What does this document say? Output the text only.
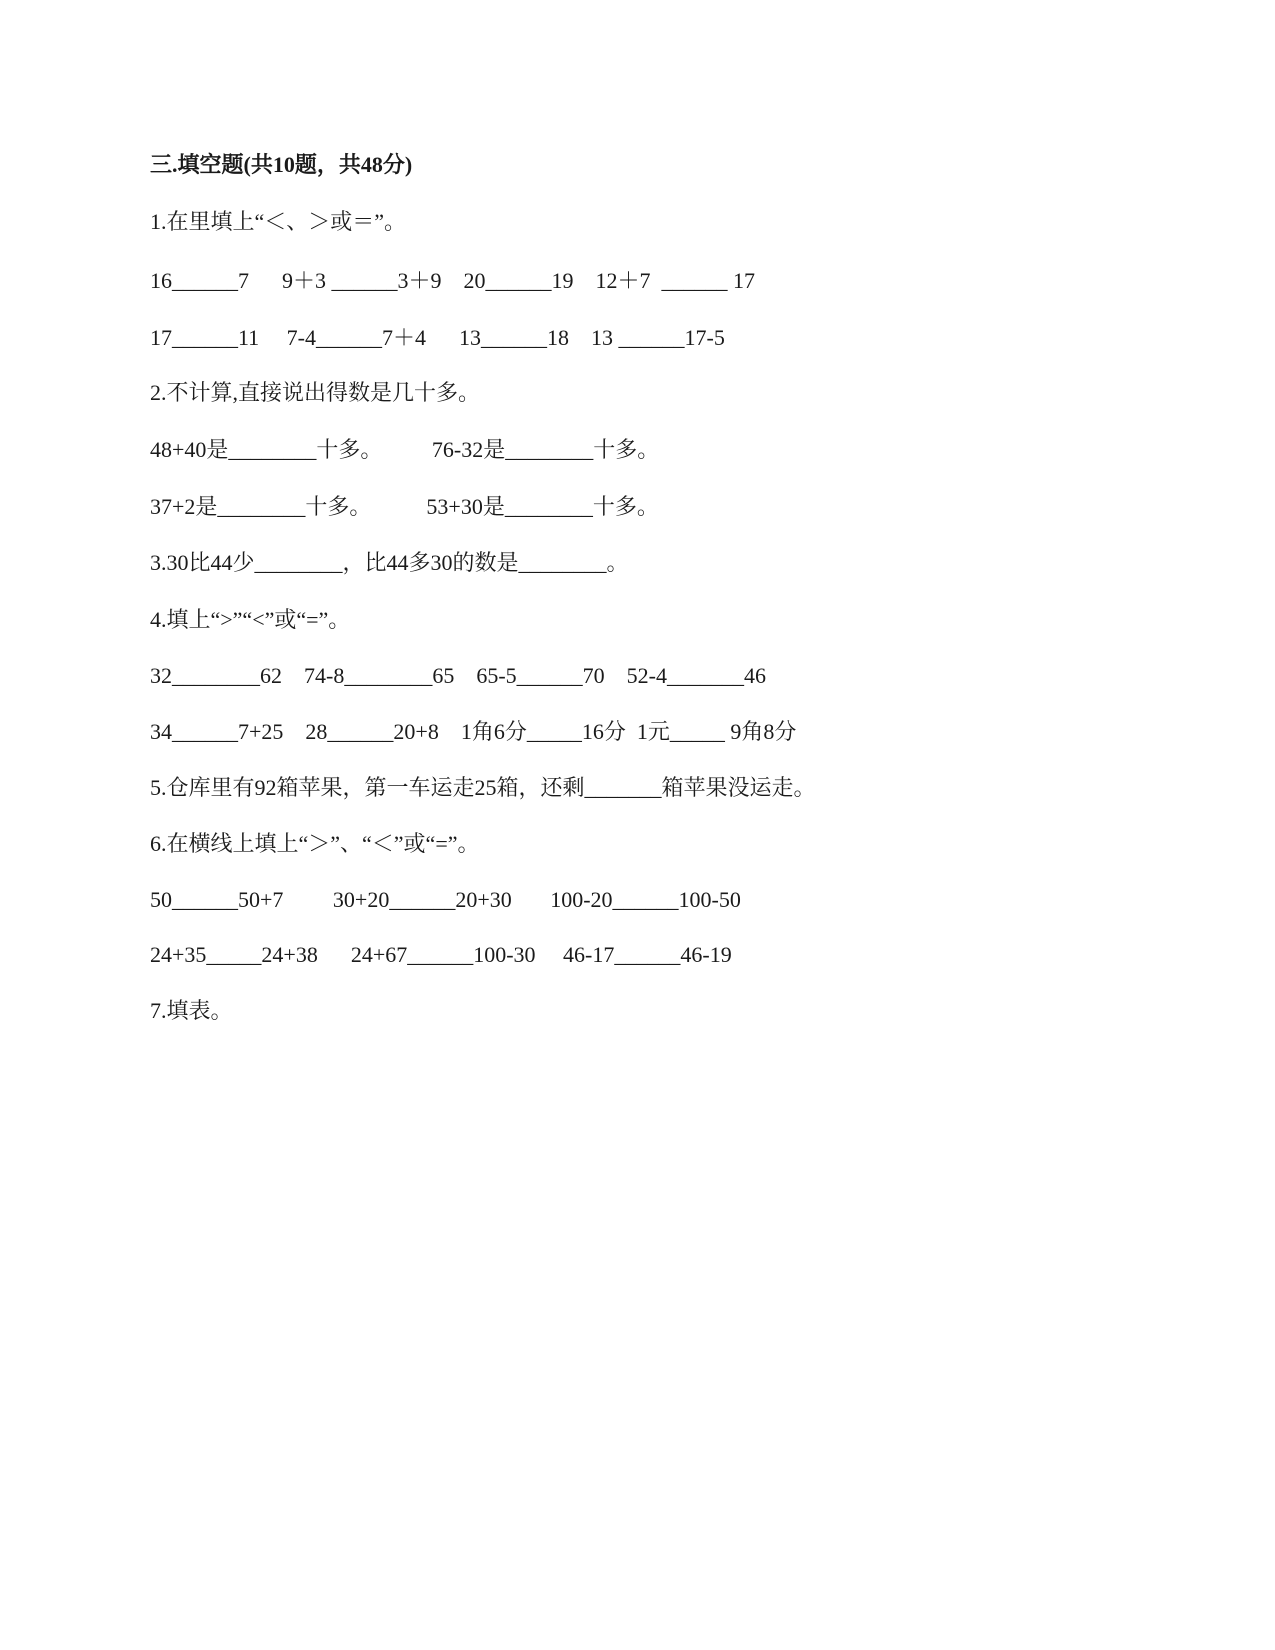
三.填空题(共10题，共48分)
1.在里填上“＜、＞或＝”。
16______7      9＋3 ______3＋9    20______19    12＋7  ______ 17
17______11     7-4______7＋4      13______18    13 ______17-5
2.不计算,直接说出得数是几十多。
48+40是________十多。         76-32是________十多。
37+2是________十多。          53+30是________十多。
3.30比44少________，比44多30的数是________。
4.填上“>”“<”或“=”。
32________62    74-8________65    65-5______70    52-4_______46
34______7+25    28______20+8    1角6分_____16分  1元_____ 9角8分
5.仓库里有92箱苹果，第一车运走25箱，还剩_______箱苹果没运走。
6.在横线上填上“＞”、“＜”或“=”。
50______50+7         30+20______20+30       100-20______100-50
24+35_____24+38      24+67______100-30     46-17______46-19
7.填表。
